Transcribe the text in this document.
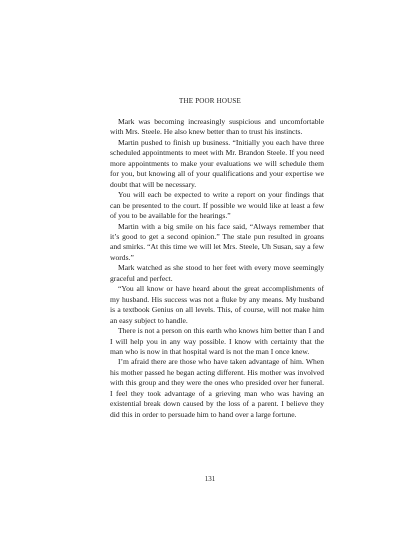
THE POOR HOUSE

Mark was becoming increasingly suspicious and uncomfortable with Mrs. Steele. He also knew better than to trust his instincts.

Martin pushed to finish up business. “Initially you each have three scheduled appointments to meet with Mr. Brandon Steele. If you need more appointments to make your evaluations we will schedule them for you, but knowing all of your qualifications and your expertise we doubt that will be necessary.

You will each be expected to write a report on your findings that can be presented to the court. If possible we would like at least a few of you to be available for the hearings.”

Martin with a big smile on his face said, “Always remember that it’s good to get a second opinion.” The stale pun resulted in groans and smirks. “At this time we will let Mrs. Steele, Uh Susan, say a few words.”

Mark watched as she stood to her feet with every move seemingly graceful and perfect.

“You all know or have heard about the great accomplishments of my husband. His success was not a fluke by any means. My husband is a textbook Genius on all levels. This, of course, will not make him an easy subject to handle.

There is not a person on this earth who knows him better than I and I will help you in any way possible. I know with certainty that the man who is now in that hospital ward is not the man I once knew.

I’m afraid there are those who have taken advantage of him. When his mother passed he began acting different. His mother was involved with this group and they were the ones who presided over her funeral. I feel they took advantage of a grieving man who was having an existential break down caused by the loss of a parent. I believe they did this in order to persuade him to hand over a large fortune.

131
